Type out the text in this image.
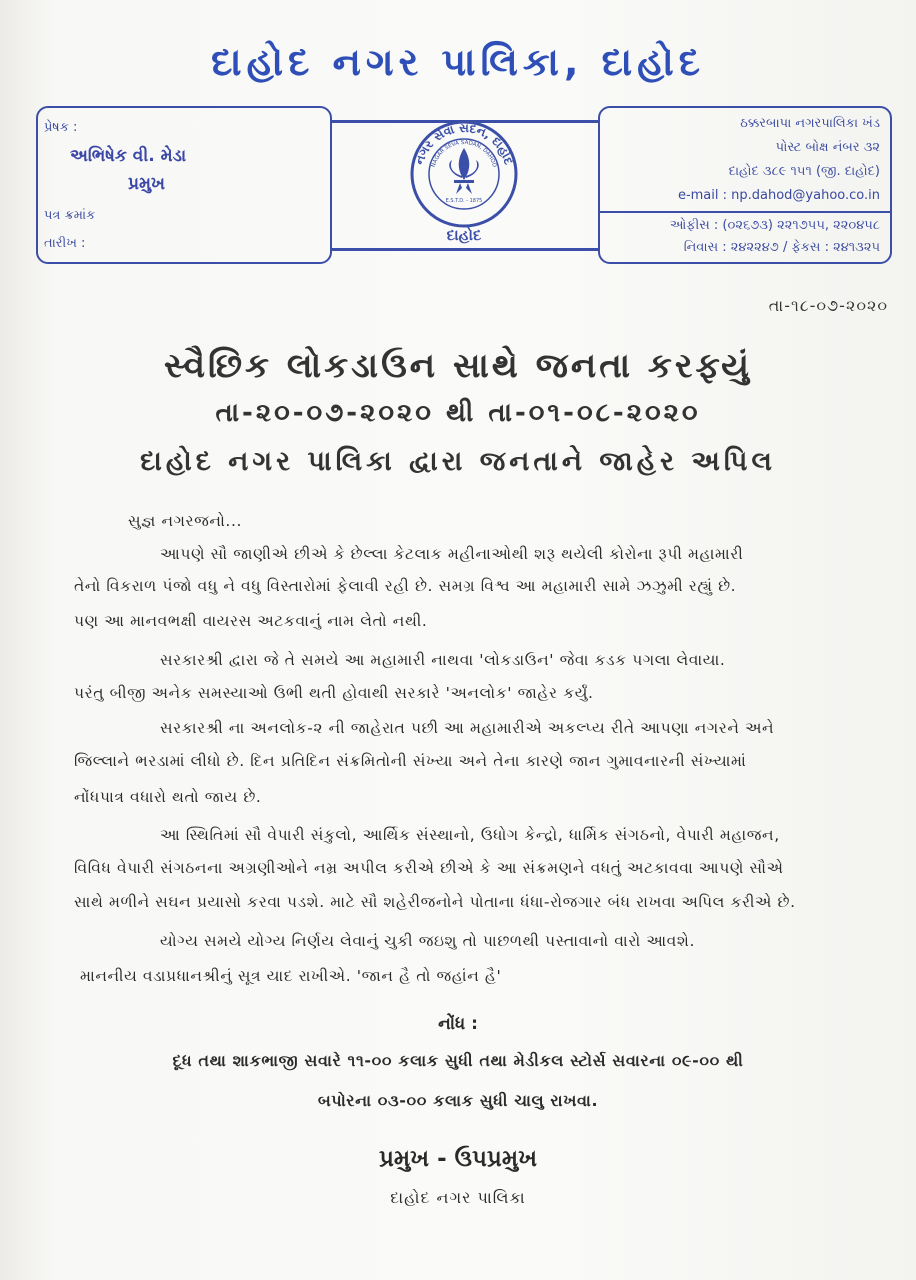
દાહોદ નગર પાલિકા, દાહોદ
પ્રેષક :
અભિષેક વી. મેડા
પ્રમુખ
પત્ર ક્રમાંક
તારીખ :
નગર સેવા સદન, દાહોદ
NAGAR SEVA SADAN, DAHOD
E.S.T.D. - 1875
દાહોદ
ઠક્કરબાપા નગરપાલિકા ખંડ
પોસ્ટ બોક્ષ નંબર ૩૨
દાહોદ ૩૮૯ ૧૫૧ (જી. દાહોદ)
e-mail : np.dahod@yahoo.co.in
ઓફીસ : (૦૨૬૭૩) ૨૨૧૭૫૫, ૨૨૦૪૫૮
નિવાસ : ૨૪૨૨૪૭ / ફેકસ : ૨૪૧૩૨૫
તા-૧૮-૦૭-૨૦૨૦
સ્વૈછિક લોકડાઉન સાથે જનતા કરફ્યું
તા-૨૦-૦૭-૨૦૨૦ થી તા-૦૧-૦૮-૨૦૨૦
દાહોદ નગર પાલિકા દ્વારા જનતાને જાહેર અપિલ
સુજ્ઞ નગરજનો...
આપણે સૌ જાણીએ છીએ કે છેલ્લા કેટલાક મહીનાઓથી શરૂ થયેલી કોરોના રૂપી મહામારી
તેનો વિકરાળ પંજો વધુ ને વધુ વિસ્તારોમાં ફેલાવી રહી છે. સમગ્ર વિશ્વ આ મહામારી સામે ઝઝુમી રહ્યું છે.
પણ આ માનવભક્ષી વાયરસ અટકવાનું નામ લેતો નથી.
સરકારશ્રી દ્વારા જે તે સમયે આ મહામારી નાથવા 'લોકડાઉન' જેવા કડક પગલા લેવાયા.
પરંતુ બીજી અનેક સમસ્યાઓ ઉભી થતી હોવાથી સરકારે 'અનલોક' જાહેર કર્યું.
સરકારશ્રી ના અનલોક-૨ ની જાહેરાત પછી આ મહામારીએ અકલ્પ્ય રીતે આપણા નગરને અને
જિલ્લાને ભરડામાં લીધો છે. દિન પ્રતિદિન સંક્રમિતોની સંખ્યા અને તેના કારણે જાન ગુમાવનારની સંખ્યામાં
નોંધપાત્ર વધારો થતો જાય છે.
આ સ્થિતિમાં સૌ વેપારી સંકુલો, આર્થિક સંસ્થાનો, ઉધોગ કેન્દ્રો, ધાર્મિક સંગઠનો, વેપારી મહાજન,
વિવિધ વેપારી સંગઠનના અગ્રણીઓને નમ્ર અપીલ કરીએ છીએ કે આ સંક્રમણને વધતું અટકાવવા આપણે સૌએ
સાથે મળીને સઘન પ્રયાસો કરવા પડશે. માટે સૌ શહેરીજનોને પોતાના ધંધા-રોજગાર બંધ રાખવા અપિલ કરીએ છે.
યોગ્ય સમયે યોગ્ય નિર્ણય લેવાનું ચુકી જઇશુ તો પાછળથી પસ્તાવાનો વારો આવશે.
માનનીય વડાપ્રધાનશ્રીનું સૂત્ર યાદ રાખીએ. 'જાન હૈ તો જહાંન હૈ'
નોંધ :
દૂધ તથા શાકભાજી સવારે ૧૧-૦૦ કલાક સુધી તથા મેડીકલ સ્ટોર્સ સવારના ૦૯-૦૦ થી
બપોરના ૦૩-૦૦ કલાક સુધી ચાલુ રાખવા.
પ્રમુખ - ઉપપ્રમુખ
દાહોદ નગર પાલિકા
